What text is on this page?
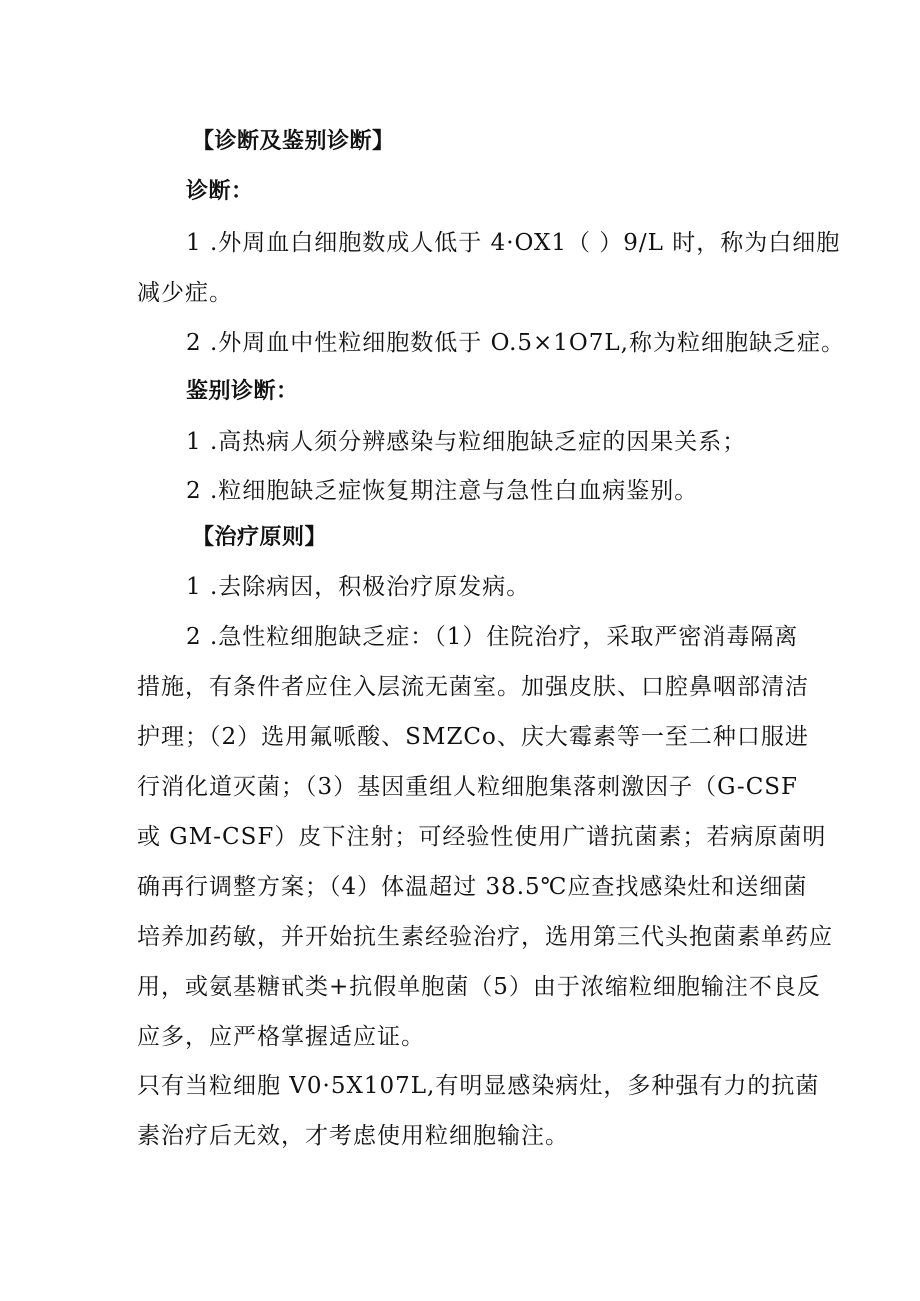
【诊断及鉴别诊断】
诊断：
1 .外周血白细胞数成人低于 4·OX1（ ）9/L 时，称为白细胞
减少症。
2 .外周血中性粒细胞数低于 O.5×1O7L,称为粒细胞缺乏症。
鉴别诊断：
1 .高热病人须分辨感染与粒细胞缺乏症的因果关系；
2 .粒细胞缺乏症恢复期注意与急性白血病鉴别。
【治疗原则】
1 .去除病因，积极治疗原发病。
2 .急性粒细胞缺乏症：（1）住院治疗，采取严密消毒隔离
措施，有条件者应住入层流无菌室。加强皮肤、口腔鼻咽部清洁
护理；（2）选用氟哌酸、SMZCo、庆大霉素等一至二种口服进
行消化道灭菌；（3）基因重组人粒细胞集落刺激因子（G-CSF
或 GM-CSF）皮下注射；可经验性使用广谱抗菌素；若病原菌明
确再行调整方案；（4）体温超过 38.5℃应查找感染灶和送细菌
培养加药敏，并开始抗生素经验治疗，选用第三代头抱菌素单药应
用，或氨基糖甙类+抗假单胞菌（5）由于浓缩粒细胞输注不良反
应多，应严格掌握适应证。
只有当粒细胞 V0·5X107L,有明显感染病灶，多种强有力的抗菌
素治疗后无效，才考虑使用粒细胞输注。
